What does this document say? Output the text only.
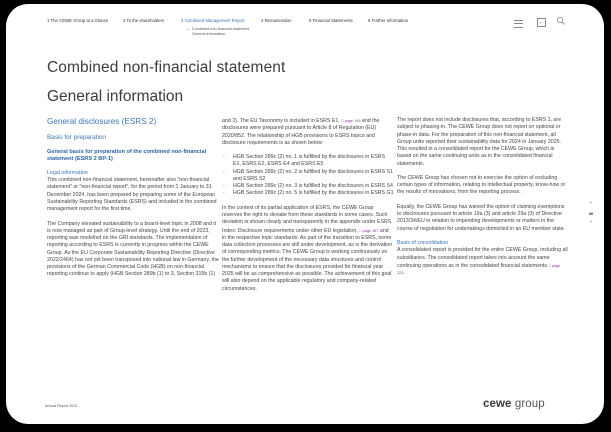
1 The CEWE Group at a Glance	2 To the shareholders	3 Combined Management Report	4 Remuneration	5 Financial Statements	6 Further Information
→ Combined non-financial statement
General information
←
Combined non-financial statement
General information
General disclosures (ESRS 2)
Basis for preparation
General basis for preparation of the combined non-financial statement (ESRS 2 BP-1)
Legal information

This combined non-financial statement, hereinafter also "non-financial statement" or "non-financial report", for the period from 1 January to 31 December 2024, has been prepared by preparing some of the European Sustainability Reporting Standards (ESRS) and included in the combined management report for the first time.

The Company elevated sustainability to a board-level topic in 2008 and it is now managed as part of Group-level strategy. Until the end of 2023, reporting was modelled on the GRI standards. The implementation of reporting according to ESRS is currently in progress within the CEWE Group. As the EU Corporate Sustainability Reporting Directive (Directive 2022/2464) has not yet been transposed into national law in Germany, the provisions of the German Commercial Code (HGB) on non-financial reporting continue to apply (HGB Section 289b (1) to 3, Section 315b (1)

and 3). The EU Taxonomy is included in ESRS E1, □ page 149 and the disclosures were prepared pursuant to Article 8 of Regulation (EU) 2020/852. The relationship of HGB provisions to ESRS topics and disclosure requirements is as shown below:

- HGB Section 289c (2) no. 1 is fulfilled by the disclosures in ESRS E1, ESRS E2, ESRS E4 and ESRS E5
- HGB Section 289c (2) no. 2 is fulfilled by the disclosures in ESRS S1 and ESRS S2
- HGB Section 289c (2) no. 3 is fulfilled by the disclosures in ESRS S4
- HGB Section 289c (2) no. 5 is fulfilled by the disclosures in ESRS G1

In the context of its partial application of ESRS, the CEWE Group reserves the right to deviate from these standards in some cases. Such deviation is shown clearly and transparently in the appendix under ESRS Index: Disclosure requirements under other EU legislation, □ page 187 and in the respective topic standards. As part of the transition to ESRS, some data collection processes are still under development, as is the derivation of corresponding metrics. The CEWE Group is working continuously on the further development of the necessary data structures and control mechanisms to ensure that the disclosures provided for financial year 2025 will be as comprehensive as possible. The achievement of this goal will also depend on the applicable regulatory and company-related circumstances.

The report does not include disclosures that, according to ESRS 1, are subject to phasing-in. The CEWE Group does not report on optional or phase-in data. For the preparation of this non-financial statement, all Group units reported their sustainability data for 2024 in January 2025. This resulted in a consolidated report for the CEWE Group, which is based on the same continuing units as in the consolidated financial statements.

The CEWE Group has chosen not to exercise the option of excluding certain types of information, relating to intellectual property, know-how or the results of innovations, from the reporting process.

Equally, the CEWE Group has waived the option of claiming exemptions to disclosures pursuant to article 19a (3) and article 29a (3) of Directive 2013/34/EU in relation to impending developments or matters in the course of negotiation for undertakings domiciled in an EU member state.

Basis of consolidation

A consolidated report is provided for the entire CEWE Group, including all subsidiaries. The consolidated report takes into account the same continuing operations as in the consolidated financial statements □ page 223.

⌃
96
⌄
Annual Report 2024	cewe group
